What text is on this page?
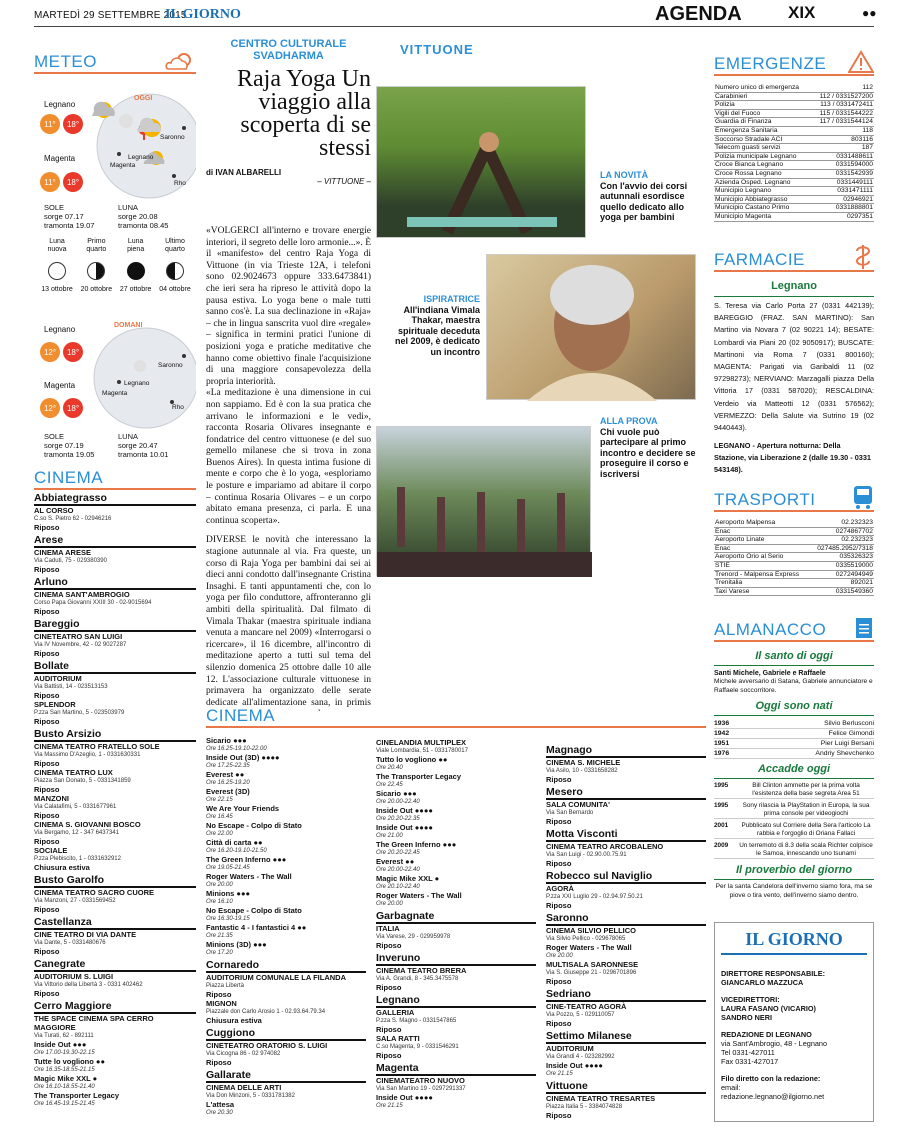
MARTEDÌ 29 SETTEMBRE 2015
IL GIORNO	AGENDA	XIX	●●
METEO
OGGI
Legnano
11°	18°
Magenta
11°	18°
Saronno
Legnano
Magenta
Rho
SOLE	LUNA
sorge 07.17	sorge 20.08
tramonta 19.07	tramonta 08.45
Luna nuova
13 ottobre
Primo quarto
20 ottobre
Luna piena
27 ottobre
Ultimo quarto
04 ottobre
DOMANI
Legnano
12°	18°
Magenta
12°	18°
Saronno
Legnano
Magenta
Rho
SOLE	LUNA
sorge 07.19	sorge 20.47
tramonta 19.05	tramonta 10.01
CINEMA
Abbiategrasso
AL CORSO
C.so S. Pietro 62 - 02946216
Riposo
Arese
CINEMA ARESE
Via Caduti, 75 - 029380390
Riposo
Arluno
CINEMA SANT'AMBROGIO
Corso Papa Giovanni XXIII 30 - 02-9015694
Riposo
Bareggio
CINETEATRO SAN LUIGI
Via IV Novembre, 42 - 02 9027287
Riposo
Bollate
AUDITORIUM
Via Battisti, 14 - 023513153
Riposo
SPLENDOR
P.zza San Martino, 5 - 023503979
Riposo
Busto Arsizio
CINEMA TEATRO FRATELLO SOLE
Via Massimo D'Azeglio, 1 - 0331630331
Riposo
CINEMA TEATRO LUX
Piazza San Donato, 5 - 0331341859
Riposo
MANZONI
Via Calatafimi, 5 - 0331677961
Riposo
CINEMA S. GIOVANNI BOSCO
Via Bergamo, 12 - 347 6437341
Riposo
SOCIALE
P.zza Plebiscito, 1 - 0331632912
Chiusura estiva
Busto Garolfo
CINEMA TEATRO SACRO CUORE
Via Manzoni, 27 - 0331569452
Riposo
Castellanza
CINE TEATRO DI VIA DANTE
Via Dante, 5 - 0331480676
Riposo
Canegrate
AUDITORIUM S. LUIGI
Via Vittorio della Libertà 3 - 0331 402462
Riposo
Cerro Maggiore
THE SPACE CINEMA SPA CERRO MAGGIORE
Via Turati, 62 - 892111
Inside Out ●●●
Ore 17.00-19.30-22.15
Tutte lo vogliono ●●
Ore 16.35-18.55-21.15
Magic Mike XXL ●
Ore 16.10-18.55-21.40
The Transporter Legacy
Ore 16.45-19.15-21.45
CENTRO CULTURALE SVADHARMA
Raja Yoga Un viaggio alla scoperta di se stessi
di IVAN ALBARELLI
– VITTUONE –
VITTUONE

«VOLGERCI all'interno e trovare energie interiori, il segreto delle loro armonie...». È il «manifesto» del centro Raja Yoga di Vittuone (in via Trieste 12A, i telefoni sono 02.9024673 oppure 333.6473841) che ieri sera ha ripreso le attività dopo la pausa estiva. Lo yoga bene o male tutti sanno cos'è. La sua declinazione in «Raja» – che in lingua sanscrita vuol dire «regale» – significa in termini pratici l'unione di posizioni yoga e pratiche meditative che hanno come obiettivo finale l'acquisizione di una maggiore consapevolezza della propria interiorità.

«La meditazione è una dimensione in cui non sappiamo. Ed è con la sua pratica che arrivano le informazioni e le vedi», racconta Rosaria Olivares insegnante e fondatrice del centro vittuonese (e del suo gemello milanese che si trova in zona Buenos Aires). In questa intima fusione di mente e corpo che è lo yoga, «esploriamo le posture e impariamo ad abitare il corpo – continua Rosaria Olivares – e un corpo abitato emana presenza, ci parla. E una continua scoperta».

DIVERSE le novità che interessano la stagione autunnale al via. Fra queste, un corso di Raja Yoga per bambini dai sei ai dieci anni condotto dall'insegnante Cristina Insaghi. E tanti appuntamenti che, con lo yoga per filo conduttore, affronteranno gli ambiti della spiritualità. Dal filmato di Vimala Thakar (maestra spirituale indiana venuta a mancare nel 2009) «Interrogarsi o ricercare», il 16 dicembre, all'incontro di meditazione aperto a tutti sul tema del silenzio domenica 25 ottobre dalle 10 alle 12. L'associazione culturale vittuonese in primavera ha organizzato delle serate dedicate all'alimentazione sana, in primis

LA NOVITÀ
Con l'avvio dei corsi autunnali esordisce quello dedicato allo yoga per bambini
ISPIRATRICE
All'indiana Vimala Thakar, maestra spirituale deceduta nel 2009, è dedicato un incontro
ALLA PROVA
Chi vuole può partecipare al primo incontro e decidere se proseguire il corso e iscriversi

CINEMA
Sicario ●●●
Ore 16.25-19.10-22.00
Inside Out (3D) ●●●●
Ore 17.25-22.35
Everest ●●
Ore 16.25-19.20
Everest (3D)
Ore 22.15
We Are Your Friends
Ore 16.45
No Escape - Colpo di Stato
Ore 22.00
Città di carta ●●
Ore 16.20-19.10-21.50
The Green Inferno ●●●
Ore 19.05-21.45
Roger Waters - The Wall
Ore 20.00
Minions ●●●
Ore 16.10
No Escape - Colpo di Stato
Ore 16.30-19.15
Fantastic 4 - I fantastici 4 ●●
Ore 21.35
Minions (3D) ●●●
Ore 17.20
Cornaredo
AUDITORIUM COMUNALE LA FILANDA
Piazza Libertà
Riposo
MIGNON
Piazzale don Carlo Arosio 1 - 02.93.64.79.34
Chiusura estiva
Cuggiono
CINETEATRO ORATORIO S. LUIGI
Via Cicogna 86 - 02 974082
Riposo
Gallarate
CINEMA DELLE ARTI
Via Don Minzoni, 5 - 0331781382
L'attesa
Ore 20.30
CINELANDIA MULTIPLEX
Viale Lombardia, 51 - 0331780017
Tutto lo vogliono ●●
Ore 20.40
The Transporter Legacy
Ore 22.45
Sicario ●●●
Ore 20.00-22.40
Inside Out ●●●●
Ore 20.20-22.35
Inside Out ●●●●
Ore 21.00
The Green Inferno ●●●
Ore 20.20-22.45
Everest ●●
Ore 20.00-22.40
Magic Mike XXL ●
Ore 20.10-22.40
Roger Waters - The Wall
Ore 20.00
Garbagnate
ITALIA
Via Varese, 29 - 029959978
Riposo
Inveruno
CINEMA TEATRO BRERA
Via A. Grandi, 8 - 345.3475578
Riposo
Legnano
GALLERIA
P.zza S. Magno - 0331547865
Riposo
SALA RATTI
C.so Magenta, 9 - 0331546291
Riposo
Magenta
CINEMATEATRO NUOVO
Via San Martino 19 - 0297291337
Inside Out ●●●●
Ore 21.15
Magnago
CINEMA S. MICHELE
Via Asilo, 10 - 0331658282
Riposo
Mesero
SALA COMUNITA'
Via San Bernardo
Riposo
Motta Visconti
CINEMA TEATRO ARCOBALENO
Via San Luigi - 02.90.00.75.91
Riposo
Robecco sul Naviglio
AGORÀ
P.zza XXI Luglio 29 - 02.94.97.50.21
Riposo
Saronno
CINEMA SILVIO PELLICO
Via Silvio Pellico - 029678065
Roger Waters - The Wall
Ore 20.00
MULTISALA SARONNESE
Via S. Giuseppe 21 - 0296701896
Riposo
Sedriano
CINE-TEATRO AGORÀ
Via Pozzo, 5 - 029110057
Riposo
Settimo Milanese
AUDITORIUM
Via Grandi 4 - 023282992
Inside Out ●●●●
Ore 21.15
Vittuone
CINEMA TEATRO TRESARTES
Piazza Italia 5 - 3384074828
Riposo
EMERGENZE
Numero unico di emergenza	112
Carabinieri	112 / 0331527200
Polizia	113 / 0331472411
Vigili del Fuoco	115 / 0331544222
Guardia di Finanza	117 / 0331544124
Emergenza Sanitaria	118
Soccorso Stradale ACI	803116
Telecom guasti servizi	187
Polizia municipale Legnano	0331488611
Croce Bianca Legnano	0331594000
Croce Rossa Legnano	0331542939
Azienda Osped. Legnano	0331449111
Municipio Legnano	0331471111
Municipio Abbiategrasso	02946921
Municipio Castano Primo	0331888801
Municipio Magenta	0297351
FARMACIE
Legnano
S. Teresa via Carlo Porta 27 (0331 442139); BAREGGIO (FRAZ. SAN MARTINO): San Martino via Novara 7 (02 90221 14); BESATE: Lombardi via Piani 20 (02 9050917); BUSCATE: Martinoni via Roma 7 (0331 800160); MAGENTA: Parigati via Garibaldi 11 (02 97298273); NERVIANO: Marzagalli piazza Della Vittoria 17 (0331 587020); RESCALDINA: Verdeio via Matteotti 12 (0331 576562); VERMEZZO: Della Salute via Sutrino 19 (02 9440443).
LEGNANO - Apertura notturna: Della Stazione, via Liberazione 2 (dalle 19.30 - 0331 543148).
TRASPORTI
Aeroporto Malpensa	02.232323
Enac	0274867702
Aeroporto Linate	02.232323
Enac	027485.2952/7318
Aeroporto Orio al Serio	035326323
STIE	0335519000
Trenord - Malpensa Express	0272494949
Trenitalia	892021
Taxi Varese	0331549360
ALMANACCO
Il santo di oggi
Santi Michele, Gabriele e Raffaele
Michele avversario di Satana, Gabriele annunciatore e Raffaele soccorritore.
Oggi sono nati
1936	Silvio Berlusconi
1942	Felice Gimondi
1951	Pier Luigi Bersani
1976	Andriy Shevchenko
Accadde oggi
1995	Bill Clinton ammette per la prima volta l'esistenza della base segreta Area 51
1995	Sony rilascia la PlayStation in Europa, la sua prima console per videogiochi
2001	Pubblicato sul Corriere della Sera l'articolo La rabbia e l'orgoglio di Oriana Fallaci
2009	Un terremoto di 8.3 della scala Richter colpisce le Samoa, innescando uno tsunami
Il proverbio del giorno
Per la santa Candelora dell'inverno siamo fora, ma se piove o tira vento, dell'inverno siamo dentro.
IL GIORNO
DIRETTORE RESPONSABILE:
GIANCARLO MAZZUCA
VICEDIRETTORI:
LAURA FASANO (VICARIO)
SANDRO NERI
REDAZIONE DI LEGNANO
via Sant'Ambrogio, 48 - Legnano
Tel 0331-427011
Fax 0331-427017
Filo diretto con la redazione:
email:
redazione.legnano@ilgiorno.net
